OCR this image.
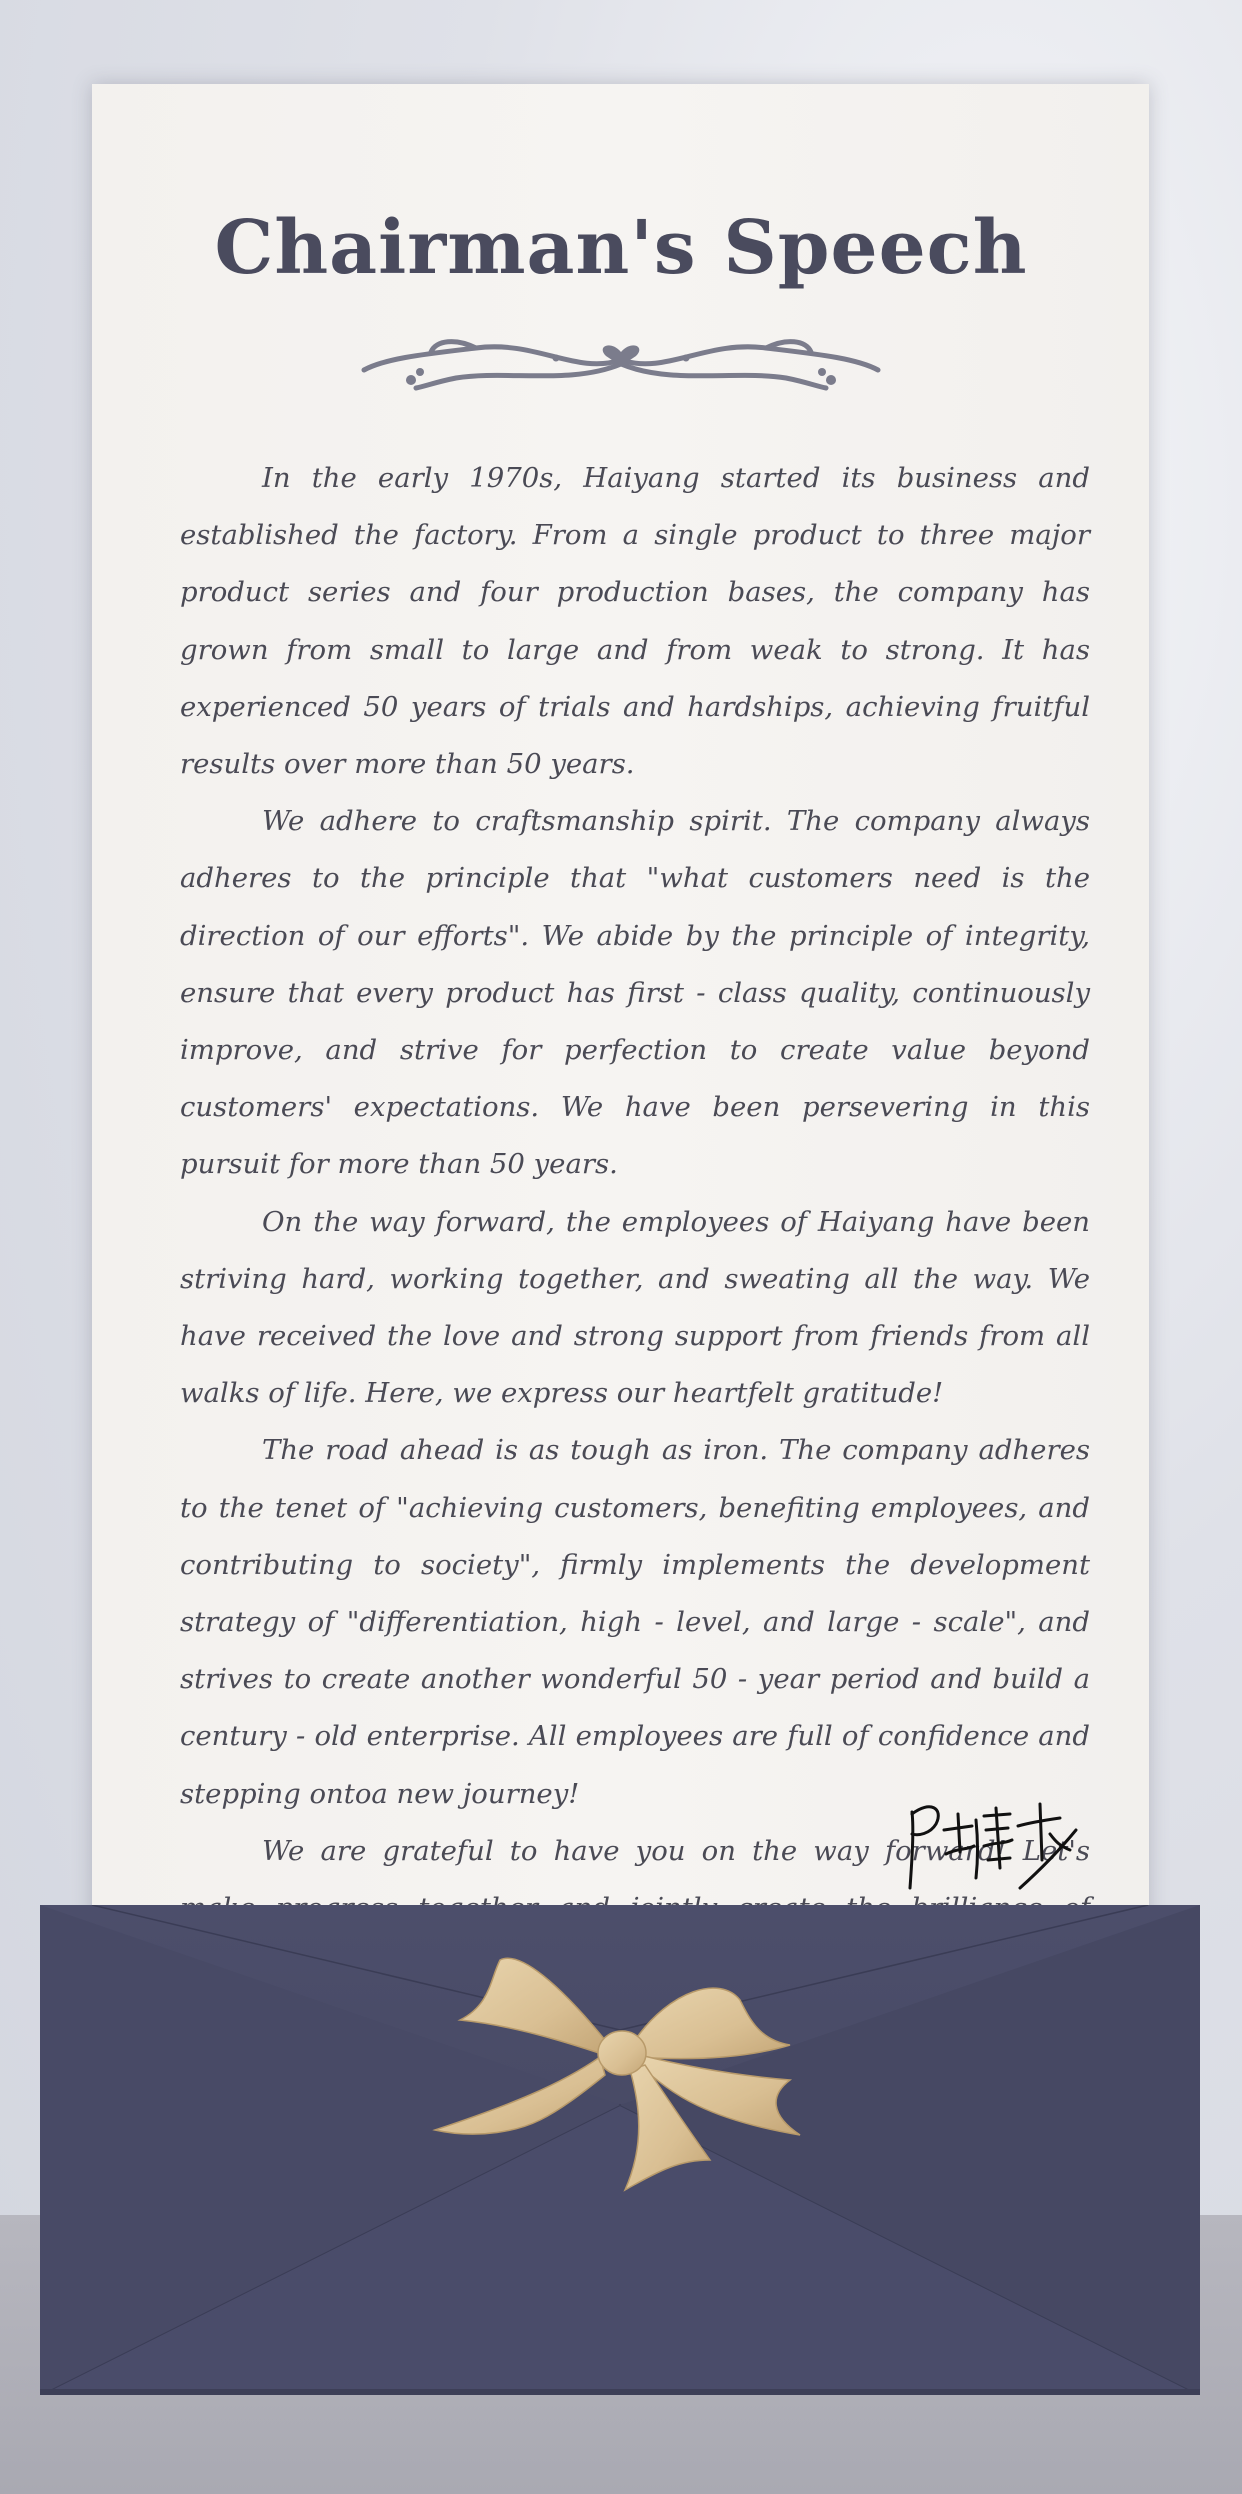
Chairman's Speech

In the early 1970s, Haiyang started its business and established the factory. From a single product to three major product series and four production bases, the company has grown from small to large and from weak to strong. It has experienced 50 years of trials and hardships, achieving fruitful results over more than 50 years.

We adhere to craftsmanship spirit. The company always adheres to the principle that "what customers need is the direction of our efforts". We abide by the principle of integrity, ensure that every product has first - class quality, continuously improve, and strive for perfection to create value beyond customers' expectations. We have been persevering in this pursuit for more than 50 years.

On the way forward, the employees of Haiyang have been striving hard, working together, and sweating all the way. We have received the love and strong support from friends from all walks of life. Here, we express our heartfelt gratitude!

The road ahead is as tough as iron. The company adheres to the tenet of "achieving customers, benefiting employees, and contributing to society", firmly implements the development strategy of "differentiation, high - level, and large - scale", and strives to create another wonderful 50 - year period and build a century - old enterprise. All employees are full of confidence and stepping ontoa new journey!

We are grateful to have you on the way forward! Let's
